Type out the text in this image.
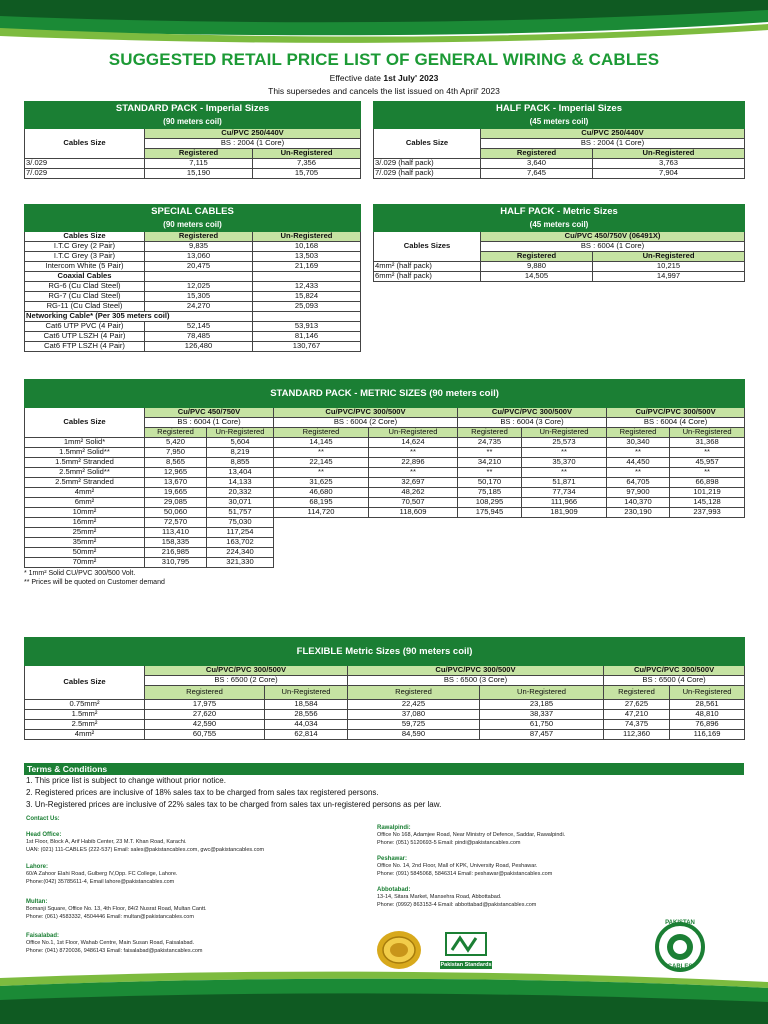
SUGGESTED RETAIL PRICE LIST OF GENERAL WIRING & CABLES
Effective date 1st July' 2023
This supersedes and cancels the list issued on 4th April' 2023
STANDARD PACK - Imperial Sizes		
(90 meters coil)		
Cables Size	Cu/PVC 250/440V	
	BS : 2004 (1 Core)	
	Registered	Un-Registered
3/.029	7,115	7,356
7/.029	15,190	15,705
HALF PACK - Imperial Sizes		
(45 meters coil)		
Cables Size	Cu/PVC 250/440V	
	BS : 2004 (1 Core)	
	Registered	Un-Registered
3/.029 (half pack)	3,640	3,763
7/.029 (half pack)	7,645	7,904
SPECIAL CABLES		
(90 meters coil)		
Cables Size	Registered	Un-Registered
I.T.C Grey (2 Pair)	9,835	10,168
I.T.C Grey (3 Pair)	13,060	13,503
Intercom White (5 Pair)	20,475	21,169
Coaxial Cables		
RG-6 (Cu Clad Steel)	12,025	12,433
RG-7 (Cu Clad Steel)	15,305	15,824
RG-11 (Cu Clad Steel)	24,270	25,093
Networking Cable* (Per 305 meters coil)		
Cat6 UTP PVC (4 Pair)	52,145	53,913
Cat6 UTP LSZH (4 Pair)	78,485	81,146
Cat6 FTP LSZH (4 Pair)	126,480	130,767
HALF PACK - Metric Sizes		
(45 meters coil)		
Cables Sizes	Cu/PVC 450/750V (06491X)	
	BS : 6004 (1 Core)	
	Registered	Un-Registered
4mm² (half pack)	9,880	10,215
6mm² (half pack)	14,505	14,997
STANDARD PACK - METRIC SIZES (90 meters coil)								
Cables Size	Cu/PVC 450/750V		Cu/PVC/PVC 300/500V		Cu/PVC/PVC 300/500V		Cu/PVC/PVC 300/500V	
	BS : 6004 (1 Core)		BS : 6004 (2 Core)		BS : 6004 (3 Core)		BS : 6004 (4 Core)	
	Registered	Un-Registered	Registered	Un-Registered	Registered	Un-Registered	Registered	Un-Registered
1mm² Solid*	5,420	5,604	14,145	14,624	24,735	25,573	30,340	31,368
1.5mm² Solid**	7,950	8,219	**	**	**	**	**	**
1.5mm² Stranded	8,565	8,855	22,145	22,896	34,210	35,370	44,450	45,957
2.5mm² Solid**	12,965	13,404	**	**	**	**	**	**
2.5mm² Stranded	13,670	14,133	31,625	32,697	50,170	51,871	64,705	66,898
4mm²	19,665	20,332	46,680	48,262	75,185	77,734	97,900	101,219
6mm²	29,085	30,071	68,195	70,507	108,295	111,966	140,370	145,128
10mm²	50,060	51,757	114,720	118,609	175,945	181,909	230,190	237,993
16mm²	72,570	75,030						
25mm²	113,410	117,254						
35mm²	158,335	163,702						
50mm²	216,985	224,340						
70mm²	310,795	321,330						
* 1mm² Solid CU/PVC 300/500 Volt.
** Prices will be quoted on Customer demand
FLEXIBLE Metric Sizes (90 meters coil)						
Cables Size	Cu/PVC/PVC 300/500V		Cu/PVC/PVC 300/500V		Cu/PVC/PVC 300/500V	
	BS : 6500 (2 Core)		BS : 6500 (3 Core)		BS : 6500 (4 Core)	
	Registered	Un-Registered	Registered	Un-Registered	Registered	Un-Registered
0.75mm²	17,975	18,584	22,425	23,185	27,625	28,561
1.5mm²	27,620	28,556	37,080	38,337	47,210	48,810
2.5mm²	42,590	44,034	59,725	61,750	74,375	76,896
4mm²	60,755	62,814	84,590	87,457	112,360	116,169
Terms & Conditions
1. This price list is subject to change without prior notice.
2. Registered prices are inclusive of 18% sales tax to be charged from sales tax registered persons.
3. Un-Registered prices are inclusive of 22% sales tax to be charged from sales tax un-registered persons as per law.
Contact Us:
Head Office:
1st Floor, Block A, Arif Habib Center, 23 M.T. Khan Road, Karachi.
UAN: (021) 111-CABLES (222-537) Email: sales@pakistancables.com, gwc@pakistancables.com
Lahore:
60/A Zahoor Elahi Road, Gulberg IV,Opp. FC College, Lahore.
Phone:(042) 35785611-4, Email lahore@pakistancables.com
Multan:
Bomanji Square, Office No. 13, 4th Floor, 84/2 Nusrat Road, Multan Cantt.
Phone: (061) 4583332, 4504446 Email: multan@pakistancables.com
Faisalabad:
Office No.1, 1st Floor, Wahab Centre, Main Susan Road, Faisalabad.
Phone: (041) 8720036, 9486143 Email: faisalabad@pakistancables.com
Rawalpindi:
Office No 168, Adamjee Road, Near Ministry of Defence, Saddar, Rawalpindi.
Phone: (051) 5120693-5 Email: pindi@pakistancables.com
Peshawar:
Office No. 14, 2nd Floor, Mall of KPK, University Road, Peshawar.
Phone: (091) 5845068, 5846314 Email: peshawar@pakistancables.com
Abbotabad:
13-14, Sitara Market, Mansehra Road, Abbottabad.
Phone: (0992) 863153-4 Email: abbottabad@pakistancables.com
Pakistan Standards
PAKISTAN
CABLES
